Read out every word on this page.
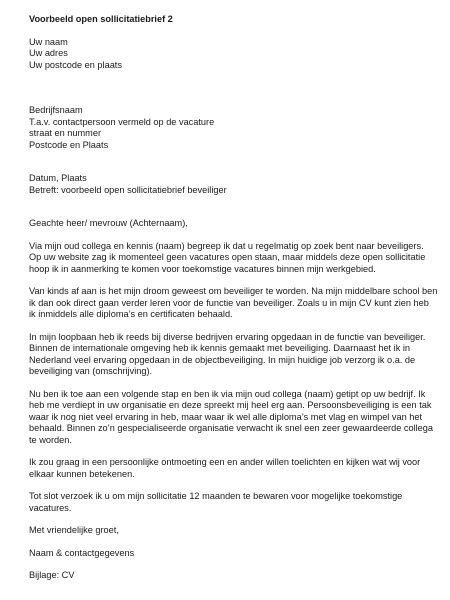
Voorbeeld open sollicitatiebrief 2
Uw naam
Uw adres
Uw postcode en plaats
Bedrijfsnaam
T.a.v. contactpersoon vermeld op de vacature
straat en nummer
Postcode en Plaats
Datum, Plaats
Betreft: voorbeeld open sollicitatiebrief beveiliger
Geachte heer/ mevrouw (Achternaam),

Via mijn oud collega en kennis (naam) begreep ik dat u regelmatig op zoek bent naar beveiligers. Op uw website zag ik momenteel geen vacatures open staan, maar middels deze open sollicitatie hoop ik in aanmerking te komen voor toekomstige vacatures binnen mijn werkgebied.

Van kinds af aan is het mijn droom geweest om beveiliger te worden. Na mijn middelbare school ben ik dan ook direct gaan verder leren voor de functie van beveiliger. Zoals u in mijn CV kunt zien heb ik inmiddels alle diploma’s en certificaten behaald.

In mijn loopbaan heb ik reeds bij diverse bedrijven ervaring opgedaan in de functie van beveiliger. Binnen de internationale omgeving heb ik kennis gemaakt met beveiliging. Daarnaast het ik in Nederland veel ervaring opgedaan in de objectbeveiliging. In mijn huidige job verzorg ik o.a. de beveiliging van (omschrijving).

Nu ben ik toe aan een volgende stap en ben ik via mijn oud collega (naam) getipt op uw bedrijf. Ik heb me verdiept in uw organisatie en deze spreekt mij heel erg aan. Persoonsbeveiliging is een tak waar ik nog niet veel ervaring in heb, maar waar ik wel alle diploma’s met vlag en wimpel van het behaald. Binnen zo’n gespecialiseerde organisatie verwacht ik snel een zeer gewaardeerde collega te worden.

Ik zou graag in een persoonlijke ontmoeting een en ander willen toelichten en kijken wat wij voor elkaar kunnen betekenen.

Tot slot verzoek ik u om mijn sollicitatie 12 maanden te bewaren voor mogelijke toekomstige vacatures.

Met vriendelijke groet,
Naam & contactgegevens
Bijlage: CV
